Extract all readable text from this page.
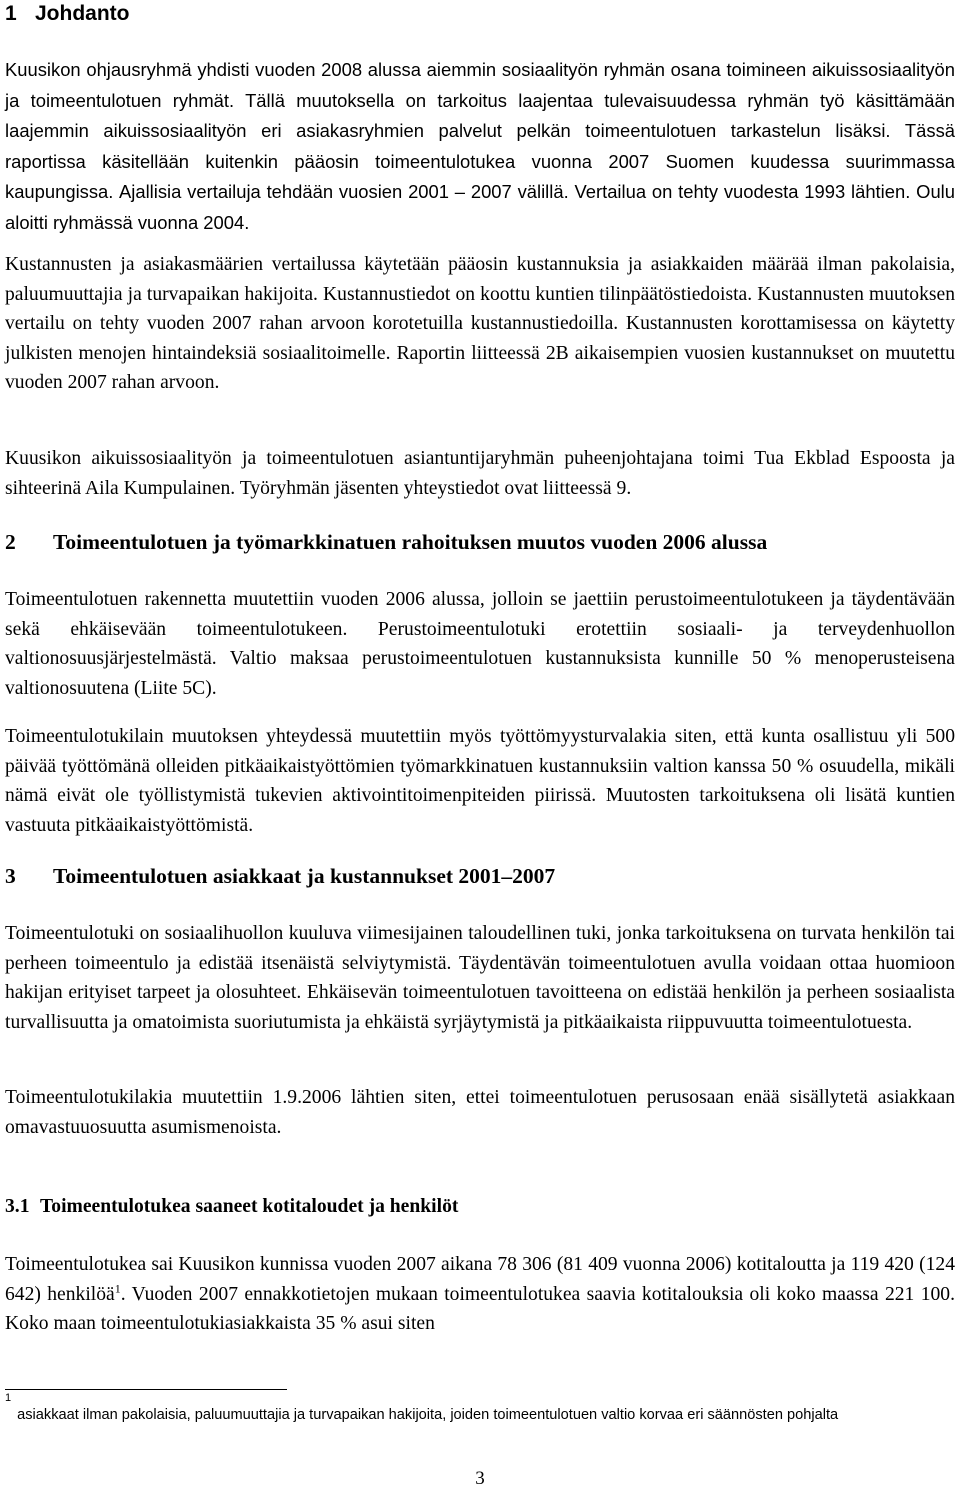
1 Johdanto

Kuusikon ohjausryhmä yhdisti vuoden 2008 alussa aiemmin sosiaalityön ryhmän osana toimineen aikuissosiaalityön ja toimeentulotuen ryhmät. Tällä muutoksella on tarkoitus laajentaa tulevaisuudessa ryhmän työ käsittämään laajemmin aikuissosiaalityön eri asiakasryhmien palvelut pelkän toimeentulotuen tarkastelun lisäksi. Tässä raportissa käsitellään kuitenkin pääosin toimeentulotukea vuonna 2007 Suomen kuudessa suurimmassa kaupungissa. Ajallisia vertailuja tehdään vuosien 2001 – 2007 välillä. Vertailua on tehty vuodesta 1993 lähtien. Oulu aloitti ryhmässä vuonna 2004.

Kustannusten ja asiakasmäärien vertailussa käytetään pääosin kustannuksia ja asiakkaiden määrää ilman pakolaisia, paluumuuttajia ja turvapaikan hakijoita. Kustannustiedot on koottu kuntien tilinpäätöstiedoista. Kustannusten muutoksen vertailu on tehty vuoden 2007 rahan arvoon korotetuilla kustannustiedoilla. Kustannusten korottamisessa on käytetty julkisten menojen hintaindeksiä sosiaalitoimelle. Raportin liitteessä 2B aikaisempien vuosien kustannukset on muutettu vuoden 2007 rahan arvoon.

Kuusikon aikuissosiaalityön ja toimeentulotuen asiantuntijaryhmän puheenjohtajana toimi Tua Ekblad Espoosta ja sihteerinä Aila Kumpulainen. Työryhmän jäsenten yhteystiedot ovat liitteessä 9.

2 Toimeentulotuen ja työmarkkinatuen rahoituksen muutos vuoden 2006 alussa

Toimeentulotuen rakennetta muutettiin vuoden 2006 alussa, jolloin se jaettiin perustoimeentulotukeen ja täydentävään sekä ehkäisevään toimeentulotukeen. Perustoimeentulotuki erotettiin sosiaali- ja terveydenhuollon valtionosuusjärjestelmästä. Valtio maksaa perustoimeentulotuen kustannuksista kunnille 50 % menoperusteisena valtionosuutena (Liite 5C).

Toimeentulotukilain muutoksen yhteydessä muutettiin myös työttömyysturvalakia siten, että kunta osallistuu yli 500 päivää työttömänä olleiden pitkäaikaistyöttömien työmarkkinatuen kustannuksiin valtion kanssa 50 % osuudella, mikäli nämä eivät ole työllistymistä tukevien aktivointitoimenpiteiden piirissä. Muutosten tarkoituksena oli lisätä kuntien vastuuta pitkäaikaistyöttömistä.

3 Toimeentulotuen asiakkaat ja kustannukset 2001‒2007

Toimeentulotuki on sosiaalihuollon kuuluva viimesijainen taloudellinen tuki, jonka tarkoituksena on turvata henkilön tai perheen toimeentulo ja edistää itsenäistä selviytymistä. Täydentävän toimeentulotuen avulla voidaan ottaa huomioon hakijan erityiset tarpeet ja olosuhteet. Ehkäisevän toimeentulotuen tavoitteena on edistää henkilön ja perheen sosiaalista turvallisuutta ja omatoimista suoriutumista ja ehkäistä syrjäytymistä ja pitkäaikaista riippuvuutta toimeentulotuesta.

Toimeentulotukilakia muutettiin 1.9.2006 lähtien siten, ettei toimeentulotuen perusosaan enää sisällytetä asiakkaan omavastuuosuutta asumismenoista.

3.1 Toimeentulotukea saaneet kotitaloudet ja henkilöt

Toimeentulotukea sai Kuusikon kunnissa vuoden 2007 aikana 78 306 (81 409 vuonna 2006) kotitaloutta ja 119 420 (124 642) henkilöä$^1$. Vuoden 2007 ennakkotietojen mukaan toimeentulotukea saavia kotitalouksia oli koko maassa 221 100. Koko maan toimeentulotukiasiakkaista 35 % asui siten

$^1$asiakkaat ilman pakolaisia, paluumuuttajia ja turvapaikan hakijoita, joiden toimeentulotuen valtio korvaa eri säännösten pohjalta
3
